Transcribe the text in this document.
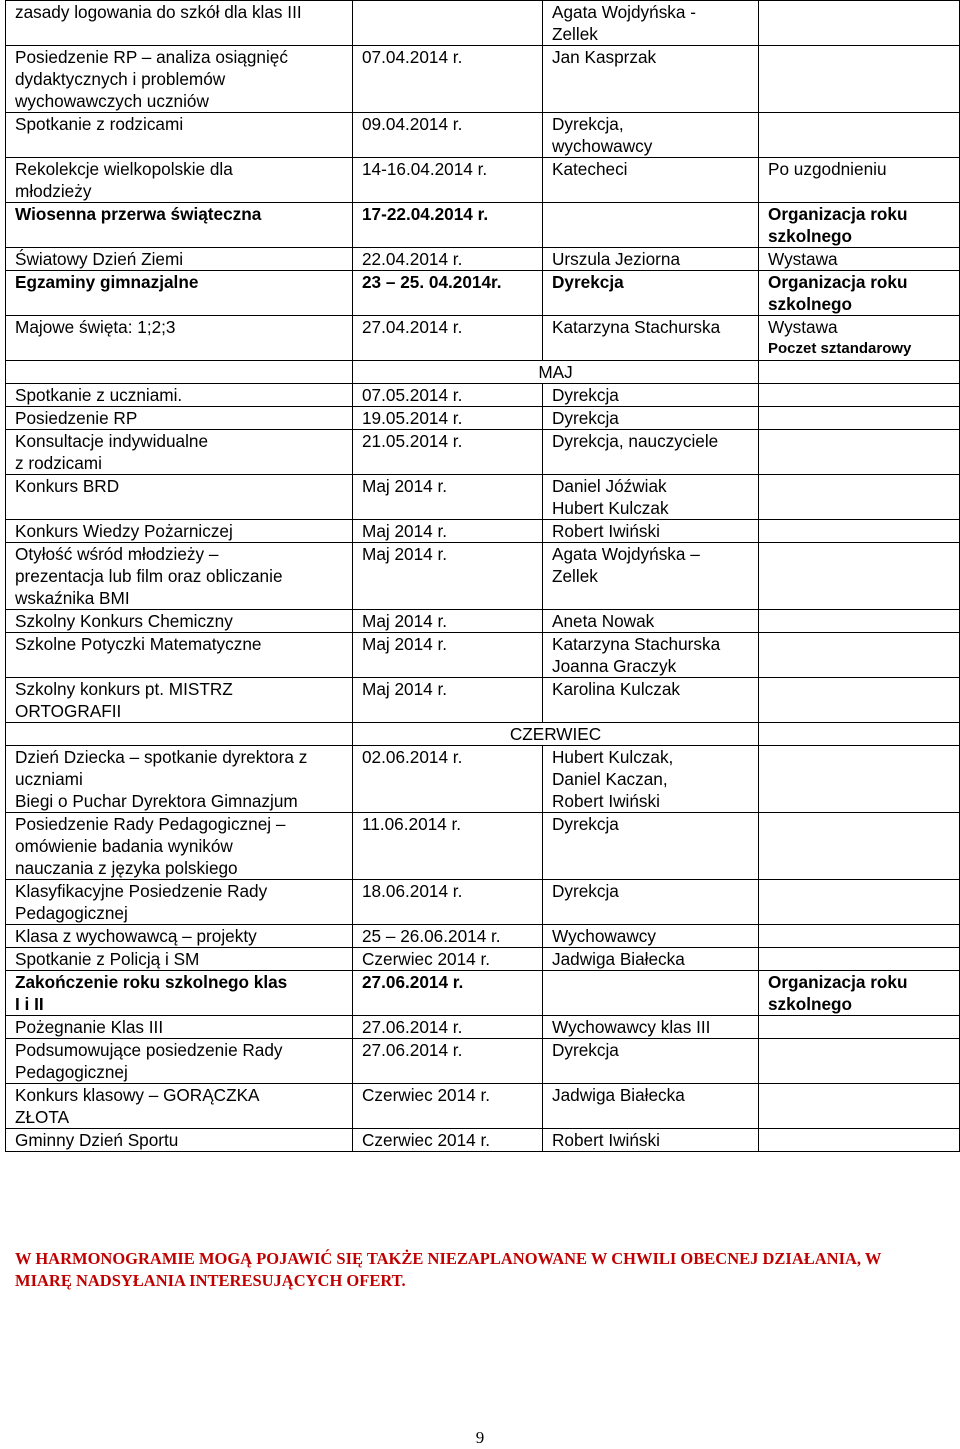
zasady logowania do szkół dla klas III		Agata Wojdyńska -
Zellek	
Posiedzenie RP – analiza osiągnięć
dydaktycznych i problemów
wychowawczych uczniów	07.04.2014 r.	Jan Kasprzak	
Spotkanie z rodzicami	09.04.2014 r.	Dyrekcja,
wychowawcy	
Rekolekcje wielkopolskie dla
młodzieży	14-16.04.2014 r.	Katecheci	Po uzgodnieniu
Wiosenna przerwa świąteczna	17-22.04.2014 r.		Organizacja roku
szkolnego
Światowy Dzień Ziemi	22.04.2014 r.	Urszula Jeziorna	Wystawa
Egzaminy gimnazjalne	23 – 25. 04.2014r.	Dyrekcja	Organizacja roku
szkolnego
Majowe święta: 1;2;3	27.04.2014 r.	Katarzyna Stachurska	Wystawa
Poczet sztandarowy

	MAJ		
Spotkanie z uczniami.	07.05.2014 r.	Dyrekcja	
Posiedzenie RP	19.05.2014 r.	Dyrekcja	
Konsultacje indywidualne
z rodzicami	21.05.2014 r.	Dyrekcja, nauczyciele	
Konkurs BRD	Maj 2014 r.	Daniel Jóźwiak
Hubert Kulczak	
Konkurs Wiedzy Pożarniczej	Maj 2014 r.	Robert Iwiński	
Otyłość wśród młodzieży –
prezentacja lub film oraz obliczanie
wskaźnika BMI	Maj 2014 r.	Agata Wojdyńska –
Zellek	
Szkolny Konkurs Chemiczny	Maj 2014 r.	Aneta Nowak	
Szkolne Potyczki Matematyczne	Maj 2014 r.	Katarzyna Stachurska
Joanna Graczyk	
Szkolny konkurs pt. MISTRZ
ORTOGRAFII	Maj 2014 r.	Karolina Kulczak	
	CZERWIEC		
Dzień Dziecka – spotkanie dyrektora z
uczniami
Biegi o Puchar Dyrektora Gimnazjum	02.06.2014 r.	Hubert Kulczak,
Daniel Kaczan,
Robert Iwiński	
Posiedzenie Rady Pedagogicznej –
omówienie badania wyników
nauczania z języka polskiego	11.06.2014 r.	Dyrekcja	
Klasyfikacyjne Posiedzenie Rady
Pedagogicznej	18.06.2014 r.	Dyrekcja	
Klasa z wychowawcą – projekty	25 – 26.06.2014 r.	Wychowawcy	
Spotkanie z Policją i SM	Czerwiec 2014 r.	Jadwiga Białecka	
Zakończenie roku szkolnego klas
I i II	27.06.2014 r.		Organizacja roku
szkolnego
Pożegnanie Klas III	27.06.2014 r.	Wychowawcy klas III	
Podsumowujące posiedzenie Rady
Pedagogicznej	27.06.2014 r.	Dyrekcja	
Konkurs klasowy – GORĄCZKA
ZŁOTA	Czerwiec 2014 r.	Jadwiga Białecka	
Gminny Dzień Sportu	Czerwiec 2014 r.	Robert Iwiński	
W HARMONOGRAMIE MOGĄ POJAWIĆ SIĘ TAKŻE NIEZAPLANOWANE W CHWILI OBECNEJ DZIAŁANIA, W MIARĘ NADSYŁANIA INTERESUJĄCYCH OFERT.
9
